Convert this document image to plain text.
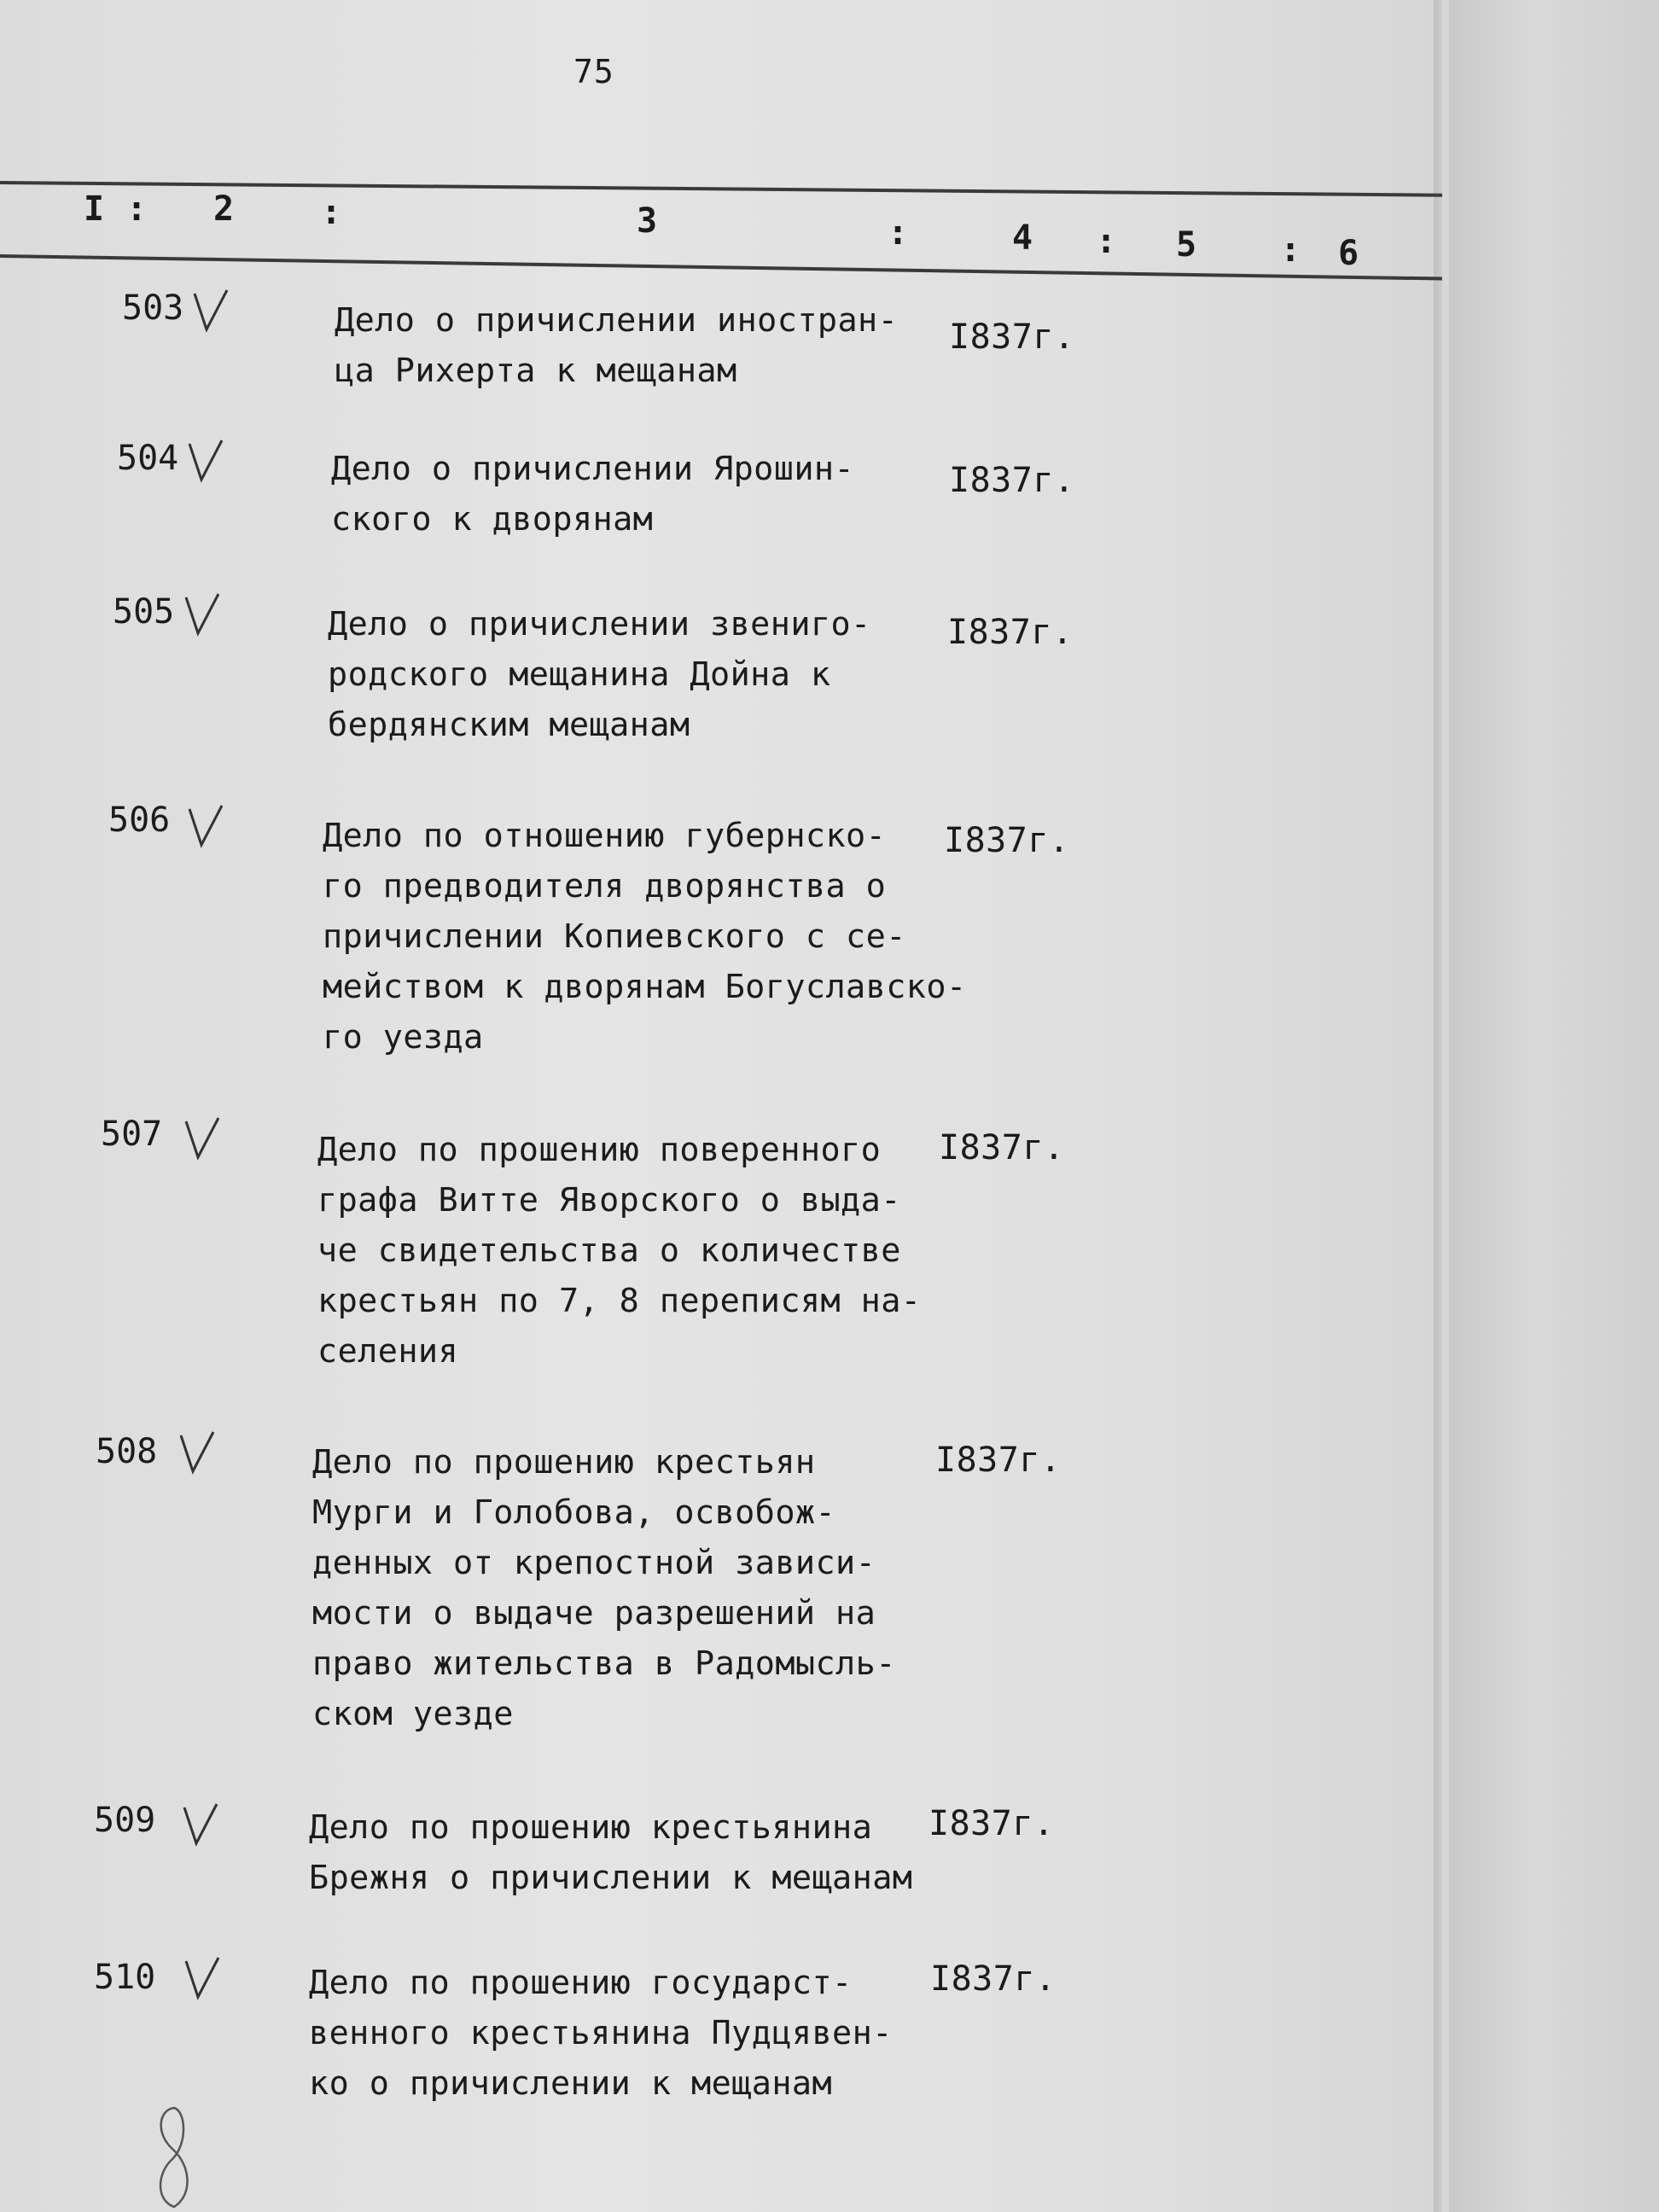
75
I : 2	:	3	:	4 : 5 : 6
503	Дело о причислении иностран-
ца Рихерта к мещанам
I837г.
504	Дело о причислении Ярошин-
ского к дворянам
I837г.
505	Дело о причислении звениго-
родского мещанина Дойна к
бердянским мещанам
I837г.
506	Дело по отношению губернско-
го предводителя дворянства о
причислении Копиевского с се-
мейством к дворянам Богуславско-
го уезда
I837г.
507	Дело по прошению поверенного
графа Витте Яворского о выда-
че свидетельства о количестве
крестьян по 7, 8 переписям на-
селения
I837г.
508	Дело по прошению крестьян
Мурги и Голобова, освобож-
денных от крепостной зависи-
мости о выдаче разрешений на
право жительства в Радомысль-
ском уезде
I837г.
509	Дело по прошению крестьянина
Брежня о причислении к мещанам
I837г.
510	Дело по прошению государст-
венного крестьянина Пудцявен-
ко о причислении к мещанам
I837г.
